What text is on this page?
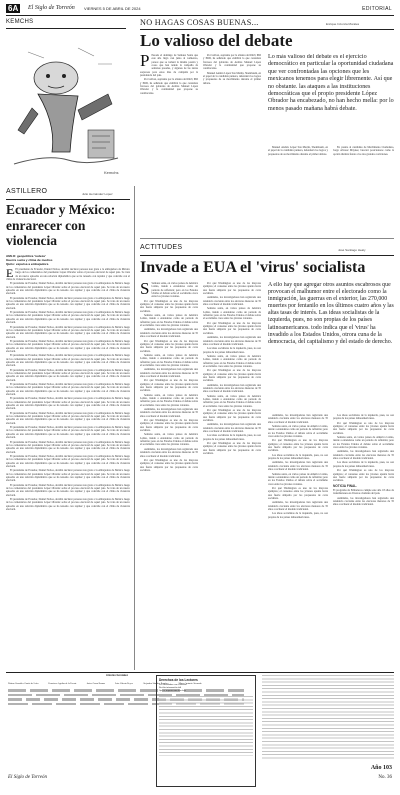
6A	El Siglo de Torreón VIERNES 5 DE ABRIL DE 2024	EDITORIAL
KEMCHS
Kemchs
NO HAGAS COSAS BUENAS...	Enrique Inzunza Morales
Lo valioso del debate

P Pasado el domingo de Semana Santa que este año llegó casi junto al comienzo, parece que se tomará la misma pasión y cosas que han tenido la campaña de semanas pasadas, y algunas de las tantas sorpresas para estos días de campaña por la presidencia del país.

Por Gálvez, aspirante por la alianza del PAN, PRI y PRD, ha señalado que exhibirá lo que considera fracasos del gobierno de Andrés Manuel López Obrador y la continuidad que propone su contrincante.

Por Gálvez, aspirante por la alianza del PAN, PRI y PRD, ha señalado que exhibirá lo que considera fracasos del gobierno de Andrés Manuel López Obrador y la continuidad que propone su contrincante.

Manuel Andrés López San Martín, Sheinbaum, en el papel de la candidata puntera, defenderá los logros y propuestas de su movimiento durante el primer debate.

Lo más valioso del debate es el ejercicio democrático en particular la oportunidad ciudadana que ver confrontadas las opciones que les mexicanos tenemos para elegir libremente. Así que no obstante. las ataques a las instituciones democráticas que el propio presidente López Obrador ha encabezado, no han hecho mella: por lo menos pasado mañana habrá debate.

Manuel Andrés López San Martín, Sheinbaum, en el papel de la candidata puntera, defenderá los logros y propuestas de su movimiento durante el primer debate.

En cuanto al candidato de Movimiento Ciudadano, Jorge Álvarez Máynez, buscará posicionarse como la opción distinta frente a las dos grandes coaliciones.

ASTILLERO	Julio Hernández López
Ecuador y México: enrarecer con violencia
AMLO: geopolítica 'rudeza'
Guerra sucia y clima de medios
Quito: expulsa a embajadora

E El presidente de Ecuador, Daniel Noboa, decidió declarar persona non grata a la embajadora de México luego de los comentarios del presidente López Obrador sobre el proceso electoral de aquel país. Se trata de un nuevo episodio en una relación diplomática que se ha tensado con rapidez y que coincide con el clima de violencia electoral.

El presidente de Ecuador, Daniel Noboa, decidió declarar persona non grata a la embajadora de México luego de los comentarios del presidente López Obrador sobre el proceso electoral de aquel país. Se trata de un nuevo episodio en una relación diplomática que se ha tensado con rapidez y que coincide con el clima de violencia electoral.

El presidente de Ecuador, Daniel Noboa, decidió declarar persona non grata a la embajadora de México luego de los comentarios del presidente López Obrador sobre el proceso electoral de aquel país. Se trata de un nuevo episodio en una relación diplomática que se ha tensado con rapidez y que coincide con el clima de violencia electoral.

El presidente de Ecuador, Daniel Noboa, decidió declarar persona non grata a la embajadora de México luego de los comentarios del presidente López Obrador sobre el proceso electoral de aquel país. Se trata de un nuevo episodio en una relación diplomática que se ha tensado con rapidez y que coincide con el clima de violencia electoral.

El presidente de Ecuador, Daniel Noboa, decidió declarar persona non grata a la embajadora de México luego de los comentarios del presidente López Obrador sobre el proceso electoral de aquel país. Se trata de un nuevo episodio en una relación diplomática que se ha tensado con rapidez y que coincide con el clima de violencia electoral.

El presidente de Ecuador, Daniel Noboa, decidió declarar persona non grata a la embajadora de México luego de los comentarios del presidente López Obrador sobre el proceso electoral de aquel país. Se trata de un nuevo episodio en una relación diplomática que se ha tensado con rapidez y que coincide con el clima de violencia electoral.

El presidente de Ecuador, Daniel Noboa, decidió declarar persona non grata a la embajadora de México luego de los comentarios del presidente López Obrador sobre el proceso electoral de aquel país. Se trata de un nuevo episodio en una relación diplomática que se ha tensado con rapidez y que coincide con el clima de violencia electoral.

El presidente de Ecuador, Daniel Noboa, decidió declarar persona non grata a la embajadora de México luego de los comentarios del presidente López Obrador sobre el proceso electoral de aquel país. Se trata de un nuevo episodio en una relación diplomática que se ha tensado con rapidez y que coincide con el clima de violencia electoral.

El presidente de Ecuador, Daniel Noboa, decidió declarar persona non grata a la embajadora de México luego de los comentarios del presidente López Obrador sobre el proceso electoral de aquel país. Se trata de un nuevo episodio en una relación diplomática que se ha tensado con rapidez y que coincide con el clima de violencia electoral.

El presidente de Ecuador, Daniel Noboa, decidió declarar persona non grata a la embajadora de México luego de los comentarios del presidente López Obrador sobre el proceso electoral de aquel país. Se trata de un nuevo episodio en una relación diplomática que se ha tensado con rapidez y que coincide con el clima de violencia electoral.

El presidente de Ecuador, Daniel Noboa, decidió declarar persona non grata a la embajadora de México luego de los comentarios del presidente López Obrador sobre el proceso electoral de aquel país. Se trata de un nuevo episodio en una relación diplomática que se ha tensado con rapidez y que coincide con el clima de violencia electoral.

El presidente de Ecuador, Daniel Noboa, decidió declarar persona non grata a la embajadora de México luego de los comentarios del presidente López Obrador sobre el proceso electoral de aquel país. Se trata de un nuevo episodio en una relación diplomática que se ha tensado con rapidez y que coincide con el clima de violencia electoral.

El presidente de Ecuador, Daniel Noboa, decidió declarar persona non grata a la embajadora de México luego de los comentarios del presidente López Obrador sobre el proceso electoral de aquel país. Se trata de un nuevo episodio en una relación diplomática que se ha tensado con rapidez y que coincide con el clima de violencia electoral.

El presidente de Ecuador, Daniel Noboa, decidió declarar persona non grata a la embajadora de México luego de los comentarios del presidente López Obrador sobre el proceso electoral de aquel país. Se trata de un nuevo episodio en una relación diplomática que se ha tensado con rapidez y que coincide con el clima de violencia electoral.

El presidente de Ecuador, Daniel Noboa, decidió declarar persona non grata a la embajadora de México luego de los comentarios del presidente López Obrador sobre el proceso electoral de aquel país. Se trata de un nuevo episodio en una relación diplomática que se ha tensado con rapidez y que coincide con el clima de violencia electoral.

El presidente de Ecuador, Daniel Noboa, decidió declarar persona non grata a la embajadora de México luego de los comentarios del presidente López Obrador sobre el proceso electoral de aquel país. Se trata de un nuevo episodio en una relación diplomática que se ha tensado con rapidez y que coincide con el clima de violencia electoral.

El presidente de Ecuador, Daniel Noboa, decidió declarar persona non grata a la embajadora de México luego de los comentarios del presidente López Obrador sobre el proceso electoral de aquel país. Se trata de un nuevo episodio en una relación diplomática que se ha tensado con rapidez y que coincide con el clima de violencia electoral.

ACTITUDES	José Santiago Healy
Invade a EUA el 'virus' socialista

S Semana santa, en varios países de América Latina, tiende a entenderse como un periodo de reflexión; pero en los Estados Unidos el debate sobre el socialismo crece entre los jóvenes votantes.

Por qué Washington es uno de los mayores ejemplos; el consenso entre los jóvenes apunta hacia una fuerte simpatía por las propuestas de corte socialista.

Semana santa, en varios países de América Latina, tiende a entenderse como un periodo de reflexión; pero en los Estados Unidos el debate sobre el socialismo crece entre los jóvenes votantes.

Asimismo, los investigadores han registrado una tendencia creciente entre los electores menores de 35 años a rechazar el modelo tradicional.

Por qué Washington es uno de los mayores ejemplos; el consenso entre los jóvenes apunta hacia una fuerte simpatía por las propuestas de corte socialista.

Semana santa, en varios países de América Latina, tiende a entenderse como un periodo de reflexión; pero en los Estados Unidos el debate sobre el socialismo crece entre los jóvenes votantes.

Asimismo, los investigadores han registrado una tendencia creciente entre los electores menores de 35 años a rechazar el modelo tradicional.

Por qué Washington es uno de los mayores ejemplos; el consenso entre los jóvenes apunta hacia una fuerte simpatía por las propuestas de corte socialista.

Semana santa, en varios países de América Latina, tiende a entenderse como un periodo de reflexión; pero en los Estados Unidos el debate sobre el socialismo crece entre los jóvenes votantes.

Asimismo, los investigadores han registrado una tendencia creciente entre los electores menores de 35 años a rechazar el modelo tradicional.

Por qué Washington es uno de los mayores ejemplos; el consenso entre los jóvenes apunta hacia una fuerte simpatía por las propuestas de corte socialista.

Semana santa, en varios países de América Latina, tiende a entenderse como un periodo de reflexión; pero en los Estados Unidos el debate sobre el socialismo crece entre los jóvenes votantes.

Asimismo, los investigadores han registrado una tendencia creciente entre los electores menores de 35 años a rechazar el modelo tradicional.

Por qué Washington es uno de los mayores ejemplos; el consenso entre los jóvenes apunta hacia una fuerte simpatía por las propuestas de corte socialista.

Por qué Washington es uno de los mayores ejemplos; el consenso entre los jóvenes apunta hacia una fuerte simpatía por las propuestas de corte socialista.

Asimismo, los investigadores han registrado una tendencia creciente entre los electores menores de 35 años a rechazar el modelo tradicional.

Semana santa, en varios países de América Latina, tiende a entenderse como un periodo de reflexión; pero en los Estados Unidos el debate sobre el socialismo crece entre los jóvenes votantes.

Por qué Washington es uno de los mayores ejemplos; el consenso entre los jóvenes apunta hacia una fuerte simpatía por las propuestas de corte socialista.

Asimismo, los investigadores han registrado una tendencia creciente entre los electores menores de 35 años a rechazar el modelo tradicional.

Las ideas socialistas de la izquierda, pues, no son propias de los países latinoamericanos.

Semana santa, en varios países de América Latina, tiende a entenderse como un periodo de reflexión; pero en los Estados Unidos el debate sobre el socialismo crece entre los jóvenes votantes.

Por qué Washington es uno de los mayores ejemplos; el consenso entre los jóvenes apunta hacia una fuerte simpatía por las propuestas de corte socialista.

Asimismo, los investigadores han registrado una tendencia creciente entre los electores menores de 35 años a rechazar el modelo tradicional.

Semana santa, en varios países de América Latina, tiende a entenderse como un periodo de reflexión; pero en los Estados Unidos el debate sobre el socialismo crece entre los jóvenes votantes.

Por qué Washington es uno de los mayores ejemplos; el consenso entre los jóvenes apunta hacia una fuerte simpatía por las propuestas de corte socialista.

Asimismo, los investigadores han registrado una tendencia creciente entre los electores menores de 35 años a rechazar el modelo tradicional.

Las ideas socialistas de la izquierda, pues, no son propias de los países latinoamericanos.

Por qué Washington es uno de los mayores ejemplos; el consenso entre los jóvenes apunta hacia una fuerte simpatía por las propuestas de corte socialista.

A ello hay que agregar otros asuntos escabrosos que provocan el malhumor entre el electorado como la inmigración, las guerras en el exterior, las 270,000 muertes por fentanilo en los últimos cuatro años y las altas tasas de interés. Las ideas socialistas de la izquierda, pues, no son propias de los países latinoamericanos. todo indica que el 'virus' ha invadido a los Estados Unidos, otrora cuna de la democracia, del capitalismo y del estado de derecho.

Asimismo, los investigadores han registrado una tendencia creciente entre los electores menores de 35 años a rechazar el modelo tradicional.

Semana santa, en varios países de América Latina, tiende a entenderse como un periodo de reflexión; pero en los Estados Unidos el debate sobre el socialismo crece entre los jóvenes votantes.

Por qué Washington es uno de los mayores ejemplos; el consenso entre los jóvenes apunta hacia una fuerte simpatía por las propuestas de corte socialista.

Las ideas socialistas de la izquierda, pues, no son propias de los países latinoamericanos.

Asimismo, los investigadores han registrado una tendencia creciente entre los electores menores de 35 años a rechazar el modelo tradicional.

Semana santa, en varios países de América Latina, tiende a entenderse como un periodo de reflexión; pero en los Estados Unidos el debate sobre el socialismo crece entre los jóvenes votantes.

Por qué Washington es uno de los mayores ejemplos; el consenso entre los jóvenes apunta hacia una fuerte simpatía por las propuestas de corte socialista.

Asimismo, los investigadores han registrado una tendencia creciente entre los electores menores de 35 años a rechazar el modelo tradicional.

Las ideas socialistas de la izquierda, pues, no son propias de los países latinoamericanos.

Las ideas socialistas de la izquierda, pues, no son propias de los países latinoamericanos.

Por qué Washington es uno de los mayores ejemplos; el consenso entre los jóvenes apunta hacia una fuerte simpatía por las propuestas de corte socialista.

Semana santa, en varios países de América Latina, tiende a entenderse como un periodo de reflexión; pero en los Estados Unidos el debate sobre el socialismo crece entre los jóvenes votantes.

Asimismo, los investigadores han registrado una tendencia creciente entre los electores menores de 35 años a rechazar el modelo tradicional.

Las ideas socialistas de la izquierda, pues, no son propias de los países latinoamericanos.

Por qué Washington es uno de los mayores ejemplos; el consenso entre los jóvenes apunta hacia una fuerte simpatía por las propuestas de corte socialista.

NOTICIA FINAL.

El programa de Embelecos cumple este año 18 años de transmisiones en diversas ciudades del país.

Asimismo, los investigadores han registrado una tendencia creciente entre los electores menores de 35 años a rechazar el modelo tradicional.

Antonio Gonzalez
Fátima González García de León	Francisco Aguilar de la Fuente	Javier Garza Ramos	Luis Alberto Reyes	Alejandro Sánchez Ramírez	Marco Antonio Alvarado
El Siglo de Torreón
Derechos de los Lectores
Ser informados con veracidad
Recibir información útil
Que se respeten sus derechos
Año 103
No. 36
